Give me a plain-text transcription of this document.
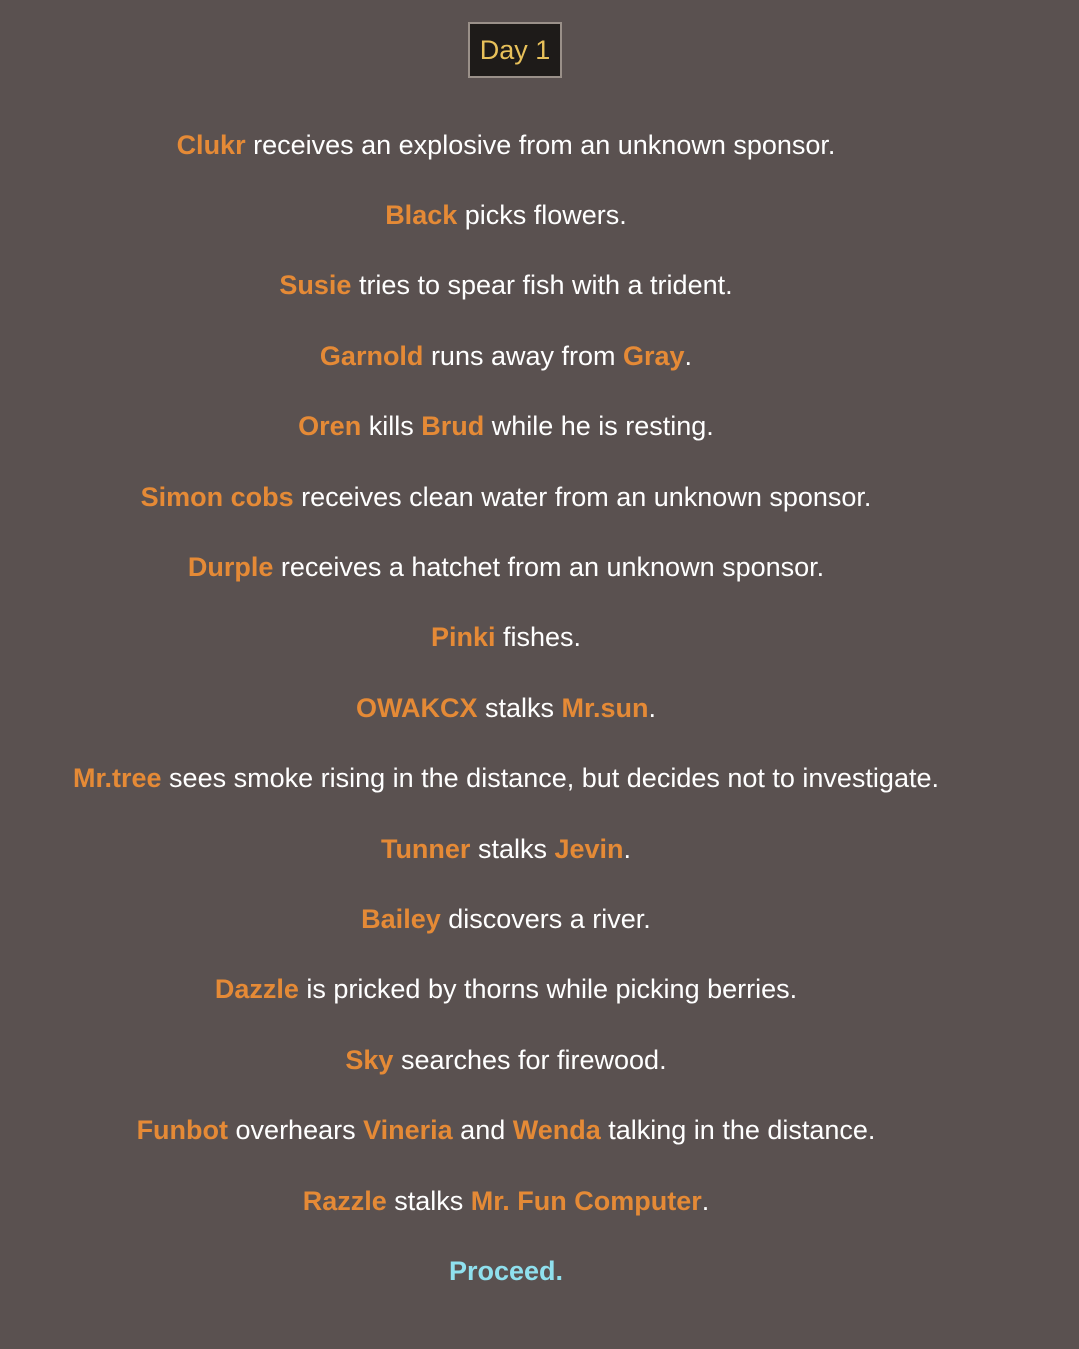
Day 1
Clukr receives an explosive from an unknown sponsor.
Black picks flowers.
Susie tries to spear fish with a trident.
Garnold runs away from Gray .
Oren kills Brud while he is resting.
Simon cobs receives clean water from an unknown sponsor.
Durple receives a hatchet from an unknown sponsor.
Pinki fishes.
OWAKCX stalks Mr.sun .
Mr.tree sees smoke rising in the distance, but decides not to investigate.
Tunner stalks Jevin .
Bailey discovers a river.
Dazzle is pricked by thorns while picking berries.
Sky searches for firewood.
Funbot overhears Vineria and Wenda talking in the distance.
Razzle stalks Mr. Fun Computer .
Proceed.
